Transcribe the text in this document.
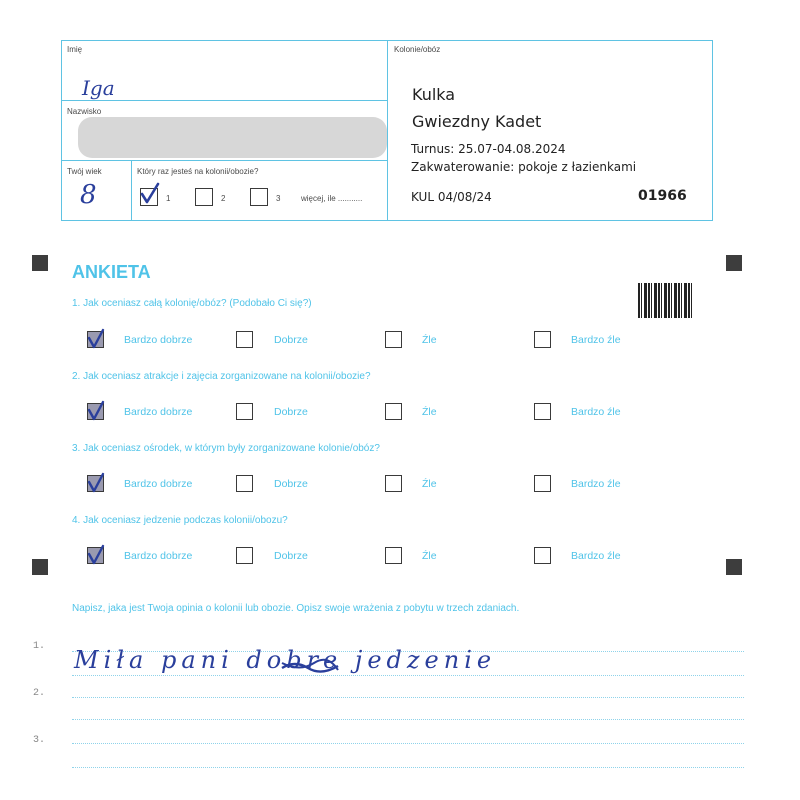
Imię
Iga
Nazwisko
Twój wiek
8
Który raz jesteś na kolonii/obozie?
1	2	3	więcej, ile ...........
Kolonie/obóz
Kulka
Gwiezdny Kadet
Turnus: 25.07-04.08.2024
Zakwaterowanie: pokoje z łazienkami
KUL 04/08/24	01966
ANKIETA
1. Jak oceniasz całą kolonię/obóz? (Podobało Ci się?)
Bardzo dobrze	Dobrze	Źle	Bardzo źle
2. Jak oceniasz atrakcje i zajęcia zorganizowane na kolonii/obozie?
Bardzo dobrze	Dobrze	Źle	Bardzo źle
3. Jak oceniasz ośrodek, w którym były zorganizowane kolonie/obóz?
Bardzo dobrze	Dobrze	Źle	Bardzo źle
4. Jak oceniasz jedzenie podczas kolonii/obozu?
Bardzo dobrze	Dobrze	Źle	Bardzo źle
Napisz, jaka jest Twoja opinia o kolonii lub obozie. Opisz swoje wrażenia z pobytu w trzech zdaniach.
1.
2.
3.
Miła pani dobre jedzenie
